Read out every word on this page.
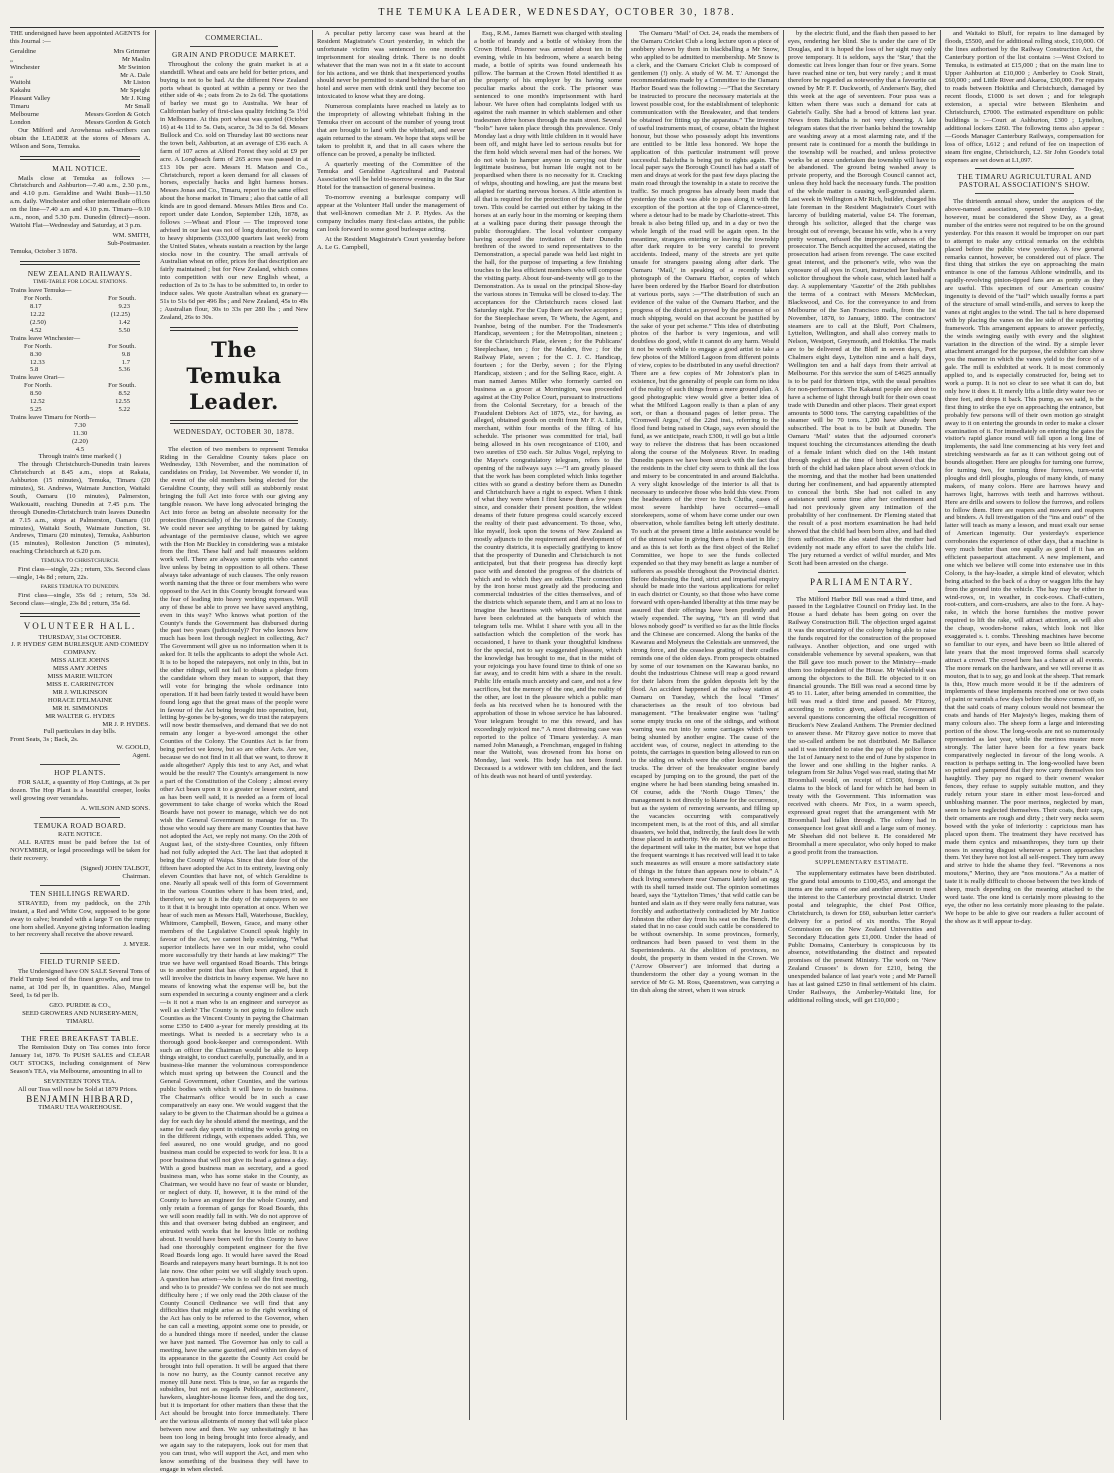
THE TEMUKA LEADER, WEDNESDAY, OCTOBER 30, 1878.

THE undersigned have been appointed AGENTS for this Journal :—

Geraldine	Mrs Grimmer
„	Mr Maslin
Winchester	Mr Swinton
„	Mr A. Dale
Waitohi	Mr Liston
Kakahu	Mr Speight
Pleasant Valley	Mr J. King
Timaru	Mr Small
Melbourne	Messrs Gordon & Gotch
London	Messrs Gordon & Gotch

Our Milford and Arowhenua sub-scribers can obtain the LEADER at the stores of Messrs A. Wilson and Sons, Temuka.

MAIL NOTICE.

Mails close at Temuka as follows :— Christchurch and Ashburton—7.40 a.m., 2.30 p.m., and 4.10 p.m. Geraldine and Waihi Bush—11.50 a.m. daily. Winchester and other intermediate offices on the line—7.40 a.m and 4.10 p.m. Timaru—9.10 a.m., noon, and 5.30 p.m. Dunedin (direct)—noon. Waitohi Flat—Wednesday and Saturday, at 3 p.m.

WM. SMITH,
Sub-Postmaster.
Temuka, October 3 1878.
NEW ZEALAND RAILWAYS.
TIME-TABLE FOR LOCAL STATIONS.
Trains leave Temuka—
For North.	For South.
8.17	9.23
12.22	(12.25)
(2.50)	1.42
4.52	5.50
Trains leave Winchester—
For North.	For South.
8.30	9.8
12.33	1.7
5.8	5.36
Trains leave Orari—
For North.	For South.
8.50	8.52
12.52	12.55
5.25	5.22
Trains leave Timaru for North—
7.30
11.30
(2.20)
4.5
Through train's time marked ( )

The through Christchurch-Dunedin train leaves Christchurch at 8.45 a.m., stops at Rakaia, Ashburton (15 minutes), Temuka, Timaru (20 minutes), St. Andrews, Waimate Junction, Waitaki South, Oamaru (10 minutes), Palmerston, Waikouaiti, reaching Dunedin at 7.45 p.m. The through Dunedin-Christchurch train leaves Dunedin at 7.15 a.m., stops at Palmerston, Oamaru (10 minutes), Waitaki South, Waimate Junction, St. Andrews, Timaru (20 minutes), Temuka, Ashburton (15 minutes), Rolleston Junction (5 minutes), reaching Christchurch at 6.20 p.m.

TEMUKA TO CHRISTCHURCH.

First class—single, 22s ; return, 33s. Second class—single, 14s 8d ; return, 22s.

FARES TEMUKA TO DUNEDIN.

First class—single, 35s 6d ; return, 53s 3d. Second class—single, 23s 8d ; return, 35s 6d.

VOLUNTEER HALL.
THURSDAY, 31st OCTOBER.
J. P. HYDES' GEM BURLESQUE AND COMEDY COMPANY.
MISS ALICE JOHNS
MISS AMY JOHNS
MISS MARIE WILTON
MISS E. CARRINGTON
MR J. WILKINSON
HORACE D'ELMAINE
MR H. SIMMONDS
MR WALTER G. HYDES
MR J. P. HYDES.
Full particulars in day bills.
Front Seats, 3s ; Back, 2s.
W. GOOLD,
Agent.
HOP PLANTS.

FOR SALE, a quantity of Hop Cuttings, at 3s per dozen. The Hop Plant is a beautiful creeper, looks well growing over verandahs.

A. WILSON AND SONS.
TEMUKA ROAD BOARD.
RATE NOTICE.

ALL RATES must be paid before the 1st of NOVEMBER, or legal proceedings will be taken for their recovery.

(Signed) JOHN TALBOT,
Chairman.
TEN SHILLINGS REWARD.

STRAYED, from my paddock, on the 27th instant, a Red and White Cow, supposed to be gone away to calve; branded with a large T on the rump; one horn shelled. Anyone giving information leading to her recovery shall receive the above reward.

J. MYER.
FIELD TURNIP SEED.

The Undersigned have ON SALE Several Tons of Field Turnip Seed of the finest growths, and true to name, at 10d per lb, in quantities. Also, Mangel Seed, 1s 6d per lb.

GEO. PURDIE & CO.,
SEED GROWERS AND NURSERY-MEN,
TIMARU.
THE FREE BREAKFAST TABLE.

The Remission Duty on Tea comes into force January 1st, 1879. To PUSH SALES and CLEAR OUT STOCKS, including consignment of New Season's TEA, via Melbourne, amounting in all to

SEVENTEEN TONS TEA.

All our Teas will now be Sold at 1879 Prices.

BENJAMIN HIBBARD,
TIMARU TEA WAREHOUSE.
COMMERCIAL.
GRAIN AND PRODUCE MARKET.

Throughout the colony the grain market is at a standstill. Wheat and oats are held for better prices, and buying is not to be had. At the different New Zealand ports wheat is quoted at within a penny or two the either side of 4s ; oats from 2s to 2s 6d. The quotations of barley we must go to Australia. We hear of Californian barley of first-class quality fetching 5s 1½d in Melbourne. At this port wheat was quoted (October 16) at 4s 11d to 5s. Oats, scarce, 3s 3d to 3s 6d. Messrs Bullock and Co. sold on Thursday last 80 sections near the town belt, Ashburton, at an average of £36 each. A farm of 107 acres at Alford Forest they sold at £9 per acre. A Longbeach farm of 265 acres was passed in at £13 10s per acre. Messrs H. Matson and Co., Christchurch, report a keen demand for all classes of horses, especially hacks and light harness horses. Messrs Jonas and Co., Timaru, report to the same effect about the horse market in Timaru ; also that cattle of all kinds are in good demand. Messrs Miles Bros and Co. report under date London, September 12th, 1878, as follows :—Wheat and Flour — The improved tone advised in our last was not of long duration, for owing to heavy shipments (333,000 quarters last week) from the United States, wheats sustain a reaction by the large stocks now in the country. The small arrivals of Australian wheat on offer, prices for that description are fairly maintained ; but for New Zealand, which comes into competition with our new English wheat, a reduction of 2s to 3s has to be submitted to, in order to induce sales. We quote Australian wheat ex granary—51s to 51s 6d per 496 lbs ; and New Zealand, 45s to 49s ; Australian flour, 30s to 33s per 280 lbs ; and New Zealand, 26s to 30s.

The Temuka Leader.
WEDNESDAY, OCTOBER 30, 1878.

The election of two members to represent Temuka Riding in the Geraldine County takes place on Wednesday, 13th November, and the nomination of candidates on Friday, 1st November. We wonder if, in the event of the old members being elected for the Geraldine County, they will still as stubbornly resist bringing the full Act into force with our giving any tangible reason. We have long advocated bringing the Act into force as being an absolute necessity for the protection (financially) of the interests of the County. We could never see anything to be gained by taking advantage of the permissive clause, which we agree with the Hon Mr Buckley in considering was a mistake from the first. These half and half measures seldom work well. There are always some spirits who cannot live unless by being in opposition to all others. These always take advantage of such clauses. The only reason worth naming that the three or four members who were opposed to the Act in this County brought forward was the fear of leading into heavy working expenses. Will any of these be able to prove we have saved anything, even in this way? Who knows what portion of the County's funds the Government has disbursed during the past two years (judiciously)? For who knows how much has been lost through neglect in collecting, &c? The Government will give us no information when it is asked for. It tells the applicants to adopt the whole Act. It is to be hoped the ratepayers, not only in this, but in the other ridings, will not fail to obtain a pledge from the candidate whom they mean to support, that they will vote for bringing the whole ordinance into operation. If it had been fairly tested it would have been found long ago that the great mass of the people were in favour of the Act being brought into operation, but, letting by-gones be by-gones, we do trust the ratepayers will now bestir themselves, and demand that we do not remain any longer a bye-word amongst the other Counties of the Colony. The Counties Act is far from being perfect we know, but so are other Acts. Are we, because we do not find in it all that we want, to throw it aside altogether? Apply this test to any Act, and what would be the result? The County's arrangement is now a part of the Constitution of the Colony ; almost every other Act bears upon it to a greater or lesser extent, and as has been well said, it is needed as a form of local government to take charge of works which the Road Boards have not power to manage, which we do not wish the General Government to manage for us. To those who would say there are many Counties that have not adopted the Act, we reply not many. On the 20th of August last, of the sixty-three Counties, only fifteen had not fully adopted the Act. The last that adopted it being the County of Waipa. Since that date four of the fifteen have adopted the Act in its entirety, leaving only eleven Counties that have not, of which Geraldine is one. Nearly all speak well of this form of Government in the various Counties where it has been tried, and, therefore, we say it is the duty of the ratepayers to see to it that it is brought into operation at once. When we hear of such men as Messrs Hall, Waterhouse, Buckley, Whitmore, Campbell, Bowen, Grace, and many other members of the Legislative Council speak highly in favour of the Act, we cannot help exclaiming, “What superior intellects have we in our midst, who could more successfully try their hands at law making?” The true we have well organised Road Boards. This brings us to another point that has often been argued, that it will involve the districts in heavy expense. We have no means of knowing what the expense will be, but the sum expended in securing a county engineer and a clerk—is it not a man who is an engineer and surveyor as well as clerk? The County is not going to follow such Counties as the Vincent County in paying the Chairman some £350 to £400 a-year for merely presiding at its meetings. What is needed is a secretary who is a thorough good book-keeper and correspondent. With such an officer the Chairman would be able to keep things straight, to conduct carefully, punctually, and in a business-like manner the voluminous correspondence which must spring up between the Council and the General Government, other Counties, and the various public bodies with which it will have to do business. The Chairman's office would be in such a case comparatively an easy one. We would suggest that the salary to be given to the Chairman should be a guinea a day for each day he should attend the meetings, and the same for each day spent in visiting the works going on in the different ridings, with expenses added. This, we feel assured, no one would grudge, and no good business man could be expected to work for less. It is a poor business that will not give its head a guinea a day. With a good business man as secretary, and a good business man, who has some stake in the County, as Chairman, we would have no fear of waste or blunder, or neglect of duty. If, however, it is the mind of the County to have an engineer for the whole County, and only retain a foreman of gangs for Road Boards, this we will soon readily fall in with. We do not approve of this and that overseer being dubbed an engineer, and entrusted with works that he knows little or nothing about. It would have been well for this County to have had one thoroughly competent engineer for the five Road Boards long ago. It would have saved the Road Boards and ratepayers many heart burnings. It is not too late now. One other point we will slightly touch upon. A question has arisen—who is to call the first meeting, and who is to preside? We confess we do not see much difficulty here ; if we only read the 20th clause of the County Council Ordinance we will find that any difficulties that might arise as to the right working of the Act has only to be referred to the Governor, when he can call a meeting, appoint some one to preside, or do a hundred things more if needed, under the clause we have just named. The Governor has only to call a meeting, have the same gazetted, and within ten days of its appearance in the gazette the County Act could be brought into full operation. It will be argued that there is now no hurry, as the County cannot receive any money till June next. This is true, so far as regards the subsidies, but not as regards Publicans', auctioneers', hawkers, slaughter-house license fees, and the dog tax, but it is important for other matters than these that the Act should be brought into force immediately. There are the various allotments of money that will take place between now and then. We say unhesitatingly it has been too long in being brought into force already, and we again say to the ratepayers, look out for men that you can trust, who will support the Act, and men who know something of the business they will have to engage in when elected.

A peculiar petty larceny case was heard at the Resident Magistrate's Court yesterday, in which the unfortunate victim was sentenced to one month's imprisonment for stealing drink. There is no doubt whatever that the man was not in a fit state to account for his actions, and we think that inexperienced youths should never be permitted to stand behind the bar of an hotel and serve men with drink until they become too intoxicated to know what they are doing.

Numerous complaints have reached us lately as to the impropriety of allowing whitebait fishing in the Temuka river on account of the number of young trout that are brought to land with the whitebait, and never again returned to the stream. We hope that steps will be taken to prohibit it, and that in all cases where the offence can be proved, a penalty be inflicted.

A quarterly meeting of the Committee of the Temuka and Geraldine Agricultural and Pastoral Association will be held to-morrow evening in the Star Hotel for the transaction of general business.

To-morrow evening a burlesque company will appear at the Volunteer Hall under the management of that well-known comedian Mr J. P. Hydes. As the company includes many first-class artistes, the public can look forward to some good burlesque acting.

At the Resident Magistrate's Court yesterday before A. Le G. Campbell,

Esq., R.M., James Barnett was charged with stealing a bottle of brandy and a bottle of whiskey from the Crown Hotel. Prisoner was arrested about ten in the evening, while in his bedroom, where a search being made, a bottle of spirits was found underneath his pillow. The barman at the Crown Hotel identified it as the property of his employer by its having some peculiar marks about the cork. The prisoner was sentenced to one month's imprisonment with hard labour. We have often had complaints lodged with us against the rash manner in which stablemen and other tradesmen drive horses through the main street. Several “bolts” have taken place through this prevalence. Only Monday last a dray with little children in it would have been off, and might have led to serious results but for the firm hold which several men had of the horses. We do not wish to hamper anyone in carrying out their legitimate business, but human life ought not to be jeopardised when there is no necessity for it. Cracking of whips, shouting and howling, are just the means best adapted for starting nervous horses. A little attention is all that is required for the protection of the lieges of the town. This could be carried out either by taking in the horses at an early hour in the morning or keeping them at a walking pace during their passage through the public thoroughfare. The local volunteer company having accepted the invitation of their Dunedin brethren of the sword to send representatives to the Demonstration, a special parade was held last night in the hall, for the purpose of imparting a few finishing touches to the less efficient members who will compose the visiting party. About four-and-twenty will go to the Demonstration. As is usual on the principal Show-day the various stores in Temuka will be closed to-day. The acceptances for the Christchurch races closed last Saturday night. For the Cup there are twelve acceptors ; for the Steeplechase seven, Te Whetu, the Agent, and Ivanhoe, being of the number. For the Tradesmen's Handicap, seventeen ; for the Metropolitan, nineteen ; for the Christchurch Plate, eleven ; for the Publicans' Steeplechase, ten ; for the Maiden, five ; for the Railway Plate, seven ; for the C. J. C. Handicap, fourteen ; for the Derby, seven ; for the Flying Handicap, sixteen ; and for the Selling Race, eight. A man named James Miller who formerly carried on business as a grocer at Mornington, was proceeded against at the City Police Court, pursuant to instructions from the Colonial Secretary, for a breach of the Fraudulent Debtors Act of 1875, viz., for having, as alleged, obtained goods on credit from Mr F. A. Little, merchant, within four months of the filing of his schedule. The prisoner was committed for trial, bail being allowed in his own recognizance of £100, and two sureties of £50 each. Sir Julius Vogel, replying to the Mayor's congratulatory telegram, refers to the opening of the railways says :—“I am greatly pleased that the work has been completed which links together cities with so grand a destiny before them as Dunedin and Christchurch have a right to expect. When I think of what they were when I first knew them a few years since, and consider their present position, the wildest dreams of their future progress could scarcely exceed the reality of their past advancement. To those, who, like myself, look upon the towns of New Zealand as mostly adjuncts to the requirement and development of the country districts, it is especially gratifying to know that the prosperity of Dunedin and Christchurch is not anticipated, but that their progress has directly kept pace with and denoted the progress of the districts of which and to which they are outlets. Their connection by the iron horse must greatly aid the producing and commercial industries of the cities themselves, and of the districts which separate them, and I am at no loss to imagine the heartiness with which their union must have been celebrated at the banquets of which the telegram tells me. Whilst I share with you all in the satisfaction which the completion of the work has occasioned, I have to thank your thoughtful kindness for the special, not to say exaggerated pleasure, which the knowledge has brought to me, that in the midst of your rejoicings you have found time to think of one so far away, and to credit him with a share in the result. Public life entails much anxiety and care, and not a few sacrifices, but the memory of the one, and the reality of the other, are lost in the pleasure which a public man feels as his received when he is honoured with the approbation of those in whose service he has laboured. Your telegram brought to me this reward, and has exceedingly rejoiced me.” A most distressing case was reported to the police of Timaru yesterday. A man named John Manaugh, a Frenchman, engaged in fishing near the Waitohi, was drowned from his horse on Monday, last week. His body has not been found. Deceased is a widower with ten children, and the fact of his death was not heard of until yesterday.

The Oamaru ‘Mail’ of Oct. 24, reads the members of the Oamaru Cricket Club a long lecture upon a piece of snobbery shown by them in blackballing a Mr Snow, who applied to be admitted to membership. Mr Snow is a clerk, and the Oamaru Cricket Club is composed of gentlemen (!) only. A study of W. M. T.' Amongst the recommendations made by a Committee to the Oamaru Harbor Board was the following :—“That the Secretary be instructed to procure the necessary materials at the lowest possible cost, for the establishment of telephonic communication with the Breakwater, and that tenders be obtained for fitting up the apparatus.” The inventor of useful instruments must, of course, obtain the highest honour, but those who possessly adopt his inventions are entitled to be little less honored. We hope the application of this particular instrument will prove successful. Balclutha is being put to rights again. The local paper says the Borough Council has had a staff of men and drays at work for the past few days placing the main road through the township in a state to receive the traffic. So much progress has already been made that yesterday the coach was able to pass along it with the exception of the portion at the top of Clarence-street, where a detour had to be made by Charlotte-street. This break is also being filled up, and in a day or two the whole length of the road will be again open. In the meantime, strangers entering or leaving the township after dark require to be very careful to prevent accidents. Indeed, many of the streets are yet quite unsafe for strangers passing along after dark. The Oamaru ‘Mail,’ in speaking of a recently taken photograph of the Oamaru Harbor, copies of which have been ordered by the Harbor Board for distribution at various ports, says :—“The distribution of such an evidence of the value of the Oamaru Harbor, and the progress of the district as proved by the presence of so much shipping, would on that account be justified by the sake of your pet scheme.” This idea of distributing photos of the harbor is very ingenious, and will doubtless do good, while it cannot do any harm. Would it not be worth while to engage a good artist to take a few photos of the Milford Lagoon from different points of view, copies to be distributed in any useful direction? There are a few copies of Mr Johnston's plan in existence, but the generality of people can form no idea of the reality of such things from a mere ground plan. A good photographic view would give a better idea of what the Milford Lagoon really is than a plan of any sort, or than a thousand pages of letter press. The ‘Cromwell Argus,’ of the 22nd inst., referring to the flood fund being raised in Otago, says even should the fund, as we anticipate, reach £300, it will go but a little way to relieve the distress that has been occasioned along the course of the Molyneux River. In reading Dunedin papers we have been struck with the fact that the residents in the chief city seem to think all the loss and misery to be concentrated in and around Balclutha. A very slight knowledge of the interior is all that is necessary to undeceive those who hold this view. From the headwaters of the river to Inch Clutha, cases of most severe hardship have occurred—small storekeepers, some of whom have come under our own observation, whole families being left utterly destitute. To such at the present time a little assistance would be of the utmost value in giving them a fresh start in life ; and as this is set forth as the first object of the Relief Committee, we hope to see the funds collected expended so that they may benefit as large a number of sufferers as possible throughout the Provincial district. Before disbursing the fund, strict and impartial enquiry should be made into the various applications for relief in each district or County, so that those who have come forward with open-handed liberality at this time may be assured that their offerings have been prudently and wisely expended. The saying, “it's an ill wind that blows nobody good” is verified so far as the little flocks and the Chinese are concerned. Along the banks of the Kawarau and Molyneux the Celestials are unmoved, the strong force, and the ceaseless grating of their cradles reminds one of the olden days. From prospects obtained by some of our townsmen on the Kawarau banks, no doubt the industrious Chinese will reap a good reward for their labors from the golden deposits left by the flood. An accident happened at the railway station at Oamaru on Tuesday, which the local ‘Times’ characterises as the result of too obvious bad management. “The breakwater engine was ‘tailing’ some empty trucks on one of the sidings, and without warning was run into by some carriages which were being shunted by another engine. The cause of the accident was, of course, neglect in attending to the points, the carriages in question being allowed to run on to the siding on which were the other locomotive and trucks. The driver of the breakwater engine barely escaped by jumping on to the ground, the part of the engine where he had been standing being smashed in. Of course, adds the ‘North Otago Times,’ the management is not directly to blame for the occurrence, but as the system of removing servants, and filling up the vacancies occurring with comparatively incompetent men, is at the root of this, and all similar disasters, we hold that, indirectly, the fault does lie with those placed in authority. We do not know what action the department will take in the matter, but we hope that the frequent warnings it has received will lead it to take such measures as will ensure a more satisfactory state of things in the future than appears now to obtain.” A duck living somewhere near Oamaru lately laid an egg with its shell turned inside out. The opinion sometimes heard, says the ‘Lyttelton Times,’ that wild cattle can be hunted and slain as if they were really fera naturae, was forcibly and authoritatively contradicted by Mr Justice Johnston the other day from his seat on the Bench. He stated that in no case could such cattle be considered to be without ownership. In some provinces, formerly, ordinances had been passed to vest them in the Superintendents. At the abolition of provinces, no doubt, the property in them vested in the Crown. We (‘Arrow Observer’) are informed that during a thunderstorm the other day a young woman in the service of Mr G. M. Ross, Queenstown, was carrying a tin dish along the street, when it was struck

by the electric fluid, and the flash then passed to her eyes, rendering her blind. She is under the care of Dr Douglas, and it is hoped the loss of her sight may only prove temporary. It is seldom, says the ‘Star,’ that the domestic cat lives longer than four or five years. Some have reached nine or ten, but very rarely ; and it must therefore be regarded as noteworthy that a favourite cat owned by Mr P. F. Duckworth, of Andersen's Bay, died this week at the age of seventeen. Four puss was a kitten when there was such a demand for cats at Gabriel's Gully. She had a brood of kittens last year. News from Balclutha is not very cheering. A late telegram states that the river banks behind the township are washing away at a most alarming rate, and if the present rate is continued for a month the buildings in the township will be reached, and unless protective works be at once undertaken the township will have to be abandoned. The ground being washed away is private property, and the Borough Council cannot act, unless they hold back the necessary funds. The position of the whole matter is causing well-grounded alarm. Last week in Wellington a Mr Rich, builder, charged his late foreman in the Resident Magistrate's Court with larceny of building material, value £4. The foreman, through his solicitor, alleged that the charge was brought out of revenge, because his wife, who is a very pretty woman, refused the improper advances of the prosecutor. The Bench acquitted the accused, stating the prosecution had arisen from revenge. The case excited great interest, and the prisoner's wife, who was the cynosure of all eyes in Court, instructed her husband's solicitor throughout the whole case, which lasted half a day. A supplementary ‘Gazette’ of the 26th publishes the terms of a contract with Messrs McMeckan, Blackwood, and Co. for the conveyance to and from Melbourne of the San Francisco mails, from the 1st November, 1878, to January, 1880. The contractors' steamers are to call at the Bluff, Port Chalmers, Lyttelton, Wellington, and shall also convey mails to Nelson, Westport, Greymouth, and Hokitika. The mails are to be delivered at the Bluff in seven days, Port Chalmers eight days, Lyttelton nine and a half days, Wellington ten and a half days from their arrival at Melbourne. For this service the sum of £4625 annually is to be paid for thirteen trips, with the usual penalties for non-performance. The Kakanui people are about to have a scheme of light through built for their own coast trade with Dunedin and other places. Their great export amounts to 5000 tons. The carrying capabilities of the steamer will be 70 tons. 1,200 have already been subscribed. The boat is to be built at Dunedin. The Oamaru ‘Mail’ states that the adjourned coroner's inquest touching the circumstances attending the death of a female infant which died on the 14th instant through neglect at the time of birth showed that the birth of the child had taken place about seven o'clock in the morning, and that the mother had been unattended during her confinement, and had apparently attempted to conceal the birth. She had not called in any assistance until some time after her confinement and had not previously given any intimation of the probability of her confinement. Dr Fleming stated that the result of a post mortem examination he had held showed that the child had been born alive, and had died from suffocation. He also stated that the mother had evidently not made any effort to save the child's life. The jury returned a verdict of wilful murder, and Mrs Scott had been arrested on the charge.

PARLIAMENTARY.

The Milford Harbor Bill was read a third time, and passed in the Legislative Council on Friday last. In the House a hard debate has been going on over the Railway Construction Bill. The objection urged against it was the uncertainty of the colony being able to raise the funds required for the construction of the proposed railways. Another objection, and one urged with considerable vehemence by several speakers, was that the Bill gave too much power to the Ministry—made them too independent of the House. Mr Wakefield was among the objectors to the Bill. He objected to it on financial grounds. The Bill was read a second time by 45 to 11. Later, after being amended in committee, the bill was read a third time and passed. Mr Fitzroy, according to notice given, asked the Government several questions concerning the official recognition of Brucken's New Zealand Anthem. The Premier declined to answer these. Mr Fitzroy gave notice to move that the so-called anthem be not distributed. Mr Ballance said it was intended to raise the pay of the police from the 1st of January next to the end of June by sixpence in the lower and one shilling in the higher ranks. A telegram from Sir Julius Vogel was read, stating that Mr Broomhall would, on receipt of £3500, forego all claims to the block of land for which he had been in treaty with the Government. This information was received with cheers. Mr Fox, in a warm speech, expressed great regret that the arrangement with Mr Broomhall had fallen through. The colony had in consequence lost great skill and a large sum of money. Mr Sheehan did not believe it. He considered Mr Broomhall a mere speculator, who only hoped to make a good profit from the transaction.

SUPPLEMENTARY ESTIMATE.

The supplementary estimates have been distributed. The grand total amounts to £100,453, and amongst the items are the sums of one and another amount to meet the interest to the Canterbury provincial district. Under postal and telegraphic, the chief Post Office, Christchurch, is down for £60, suburban letter carrier's delivery for a period of six months. The Royal Commission on the New Zealand Universities and Secondary Education gets £1,000. Under the head of Public Domains, Canterbury is conspicuous by its absence, notwithstanding the distinct and repeated promises of the present Ministry. The work on ‘New Zealand Crusoes’ is down for £210, being the unexpended balance of last year's vote ; and Mr Parnell has at last gained £250 in final settlement of his claim. Under Railways, the Amberley-Waitaki line, for additional rolling stock, will get £10,000 ;

and Waitaki to Bluff, for repairs to line damaged by floods, £5500, and for additional rolling stock, £10,000. Of the lines authorised by the Railway Construction Act, the Canterbury portion of the list contains :—West Oxford to Temuka, is estimated at £15,000 ; that on the main line to Upper Ashburton at £10,000 ; Amberley to Cook Strait, £60,000 ; and Little River and Akaroa, £30,000. For repairs to roads between Hokitika and Christchurch, damaged by recent floods, £1000 is set down ; and for telegraph extension, a special wire between Blenheim and Christchurch, £7000. The estimated expenditure on public buildings is :—Court at Ashburton, £300 ; Lyttelton, additional lockers £260. The following items also appear :—Goods Manager Canterbury Railways, compensation for loss of office, L612 ; and refund of fee on inspection of steam fire engine, Christchurch, L2. Sir John Goode's total expenses are set down at L1,097.

THE TIMARU AGRICULTURAL AND PASTORAL ASSOCIATION'S SHOW.

The thirteenth annual show, under the auspices of the above-named association, opened yesterday. To-day, however, must be considered the Show Day, as a great number of the entries were not required to be on the ground yesterday. For this reason it would be improper on our part to attempt to make any critical remarks on the exhibits placed before the public view yesterday. A few general remarks cannot, however, be considered out of place. The first thing that strikes the eye on approaching the main entrance is one of the famous Athlone windmills, and its rapidly-revolving pinion-tipped fans are as pretty as they are useful. This specimen of our American cousins' ingenuity is devoid of the “tail” which usually forms a part of the structure of small wind-mills, and serves to keep the vanes at right angles to the wind. The tail is here dispensed with by placing the vanes on the lee side of the supporting framework. This arrangement appears to answer perfectly, the winds swinging easily with every and the slightest variation in the direction of the wind. By a simple lever attachment arranged for the purpose, the exhibitor can show you the manner in which the vanes yield to the force of a gale. The mill is exhibited at work. It is most commonly applied to, and is especially constructed for, being set to work a pump. It is not so clear to see what it can do, but only how it does it. It merely lifts a little dirty water two or three feet, and drops it back. This pump, as we said, is the first thing to strike the eye on approaching the entrance, but probably few persons will of their own motion go straight away to it on entering the grounds in order to make a closer examination of it. For immediately on entering the gates the visitor's rapid glance round will fall upon a long line of implements, the said line commencing at his very feet and stretching westwards as far as it can without going out of bounds altogether. Here are ploughs for turning one furrow, for turning two, for turning three furrows, turn-wrist ploughs and drill ploughs, ploughs of many kinds, of many makers, of many colors. Here are harrows heavy and harrows light, harrows with teeth and harrows without. Here are drills and sowers to follow the furrows, and rollers to follow them. Here are reapers and mowers and reapers and binders. A full investigation of the “ins and outs” of the latter will teach as many a lesson, and must exalt our sense of American ingenuity. Our yesterday's experience corroborates the experience of other days, that a machine is very much better than one equally as good if it has an efficient passepartout attachment. A new implement, and one which we believe will come into extensive use in this Colony, is the hay-loader, a simple kind of elevator, which being attached to the back of a dray or waggon lifts the hay from the ground into the vehicle. The hay may be either in wind-rows, or, in weather, in cock-rows. Chaff-cutters, root-cutters, and corn-crushers, are also to the fore. A hay-rake, in which the horse furnishes the motive power required to lift the rake, will attract attention, as will also the cheap, wooden-horse rakes, which look not like exaggerated s. t. combs. Threshing machines have become so familiar to our eyes, and have been so little altered of late years that the most improved forms shall scarcely attract a crowd. The crowd here has a chance at all events. The more remark on the hardware, and we will reverse it as mouton, that is to say, go and look at the sheep. That remark is this, How much more would it be if the admirers of implements of these implements received one or two coats of paint or varnish a few days before the show comes off, so that the said coats of many colours would not besmear the coats and hands of Her Majesty's lieges, making them of many colours also. The sheep form a large and interesting portion of the show. The long-wools are not so numerously represented as last year, while the merinos muster more strongly. The latter have been for a few years back comparatively neglected in favour of the long wools. A reaction is perhaps setting in. The long-woolled have been so petted and pampered that they now carry themselves too haughtily. They pay no regard to their owners' weaker fences, they refuse to supply suitable mutton, and they rudely return your stare in either most less-forced and unblushing manner. The poor merinos, neglected by man, seem to have neglected themselves. Their coats, their caps, their ornaments are rough and dirty ; their very necks seem bowed with the yoke of inferiority : capricious man has placed upon them. The treatment they have received has made them cynics and misanthropes, they turn up their noses in sneering disgust whenever a person approaches them. Yet they have not lost all self-respect. They turn away and strive to hide the shame they feel. “Revenons a nos moutons,” Merino, they are “nos moutons.” As a matter of taste it is really difficult to choose between the two kinds of sheep, much depending on the meaning attached to the word taste. The one kind is certainly more pleasing to the eye, the other no less certainly more pleasing to the palate. We hope to be able to give our readers a fuller account of the show as it will appear to-day.
